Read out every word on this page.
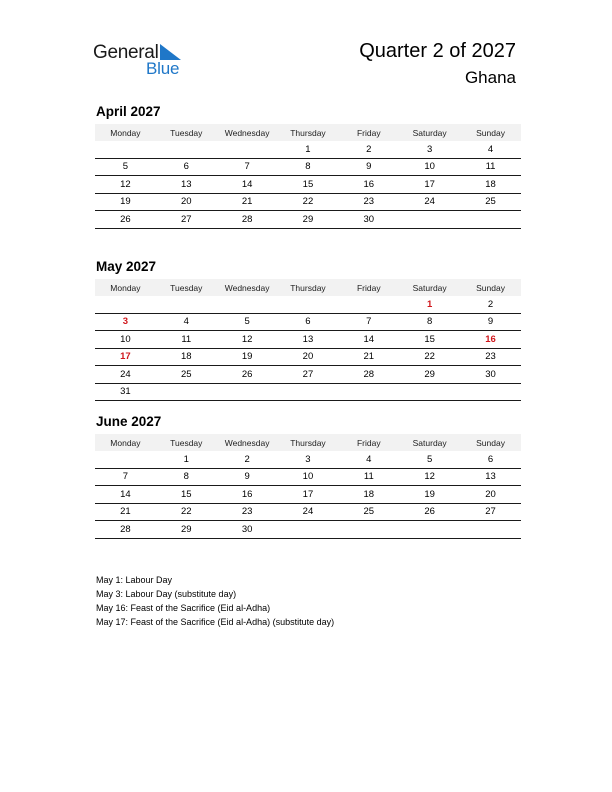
General
Blue
Quarter 2 of 2027
Ghana
April 2027
Monday	Tuesday	Wednesday	Thursday	Friday	Saturday	Sunday
			1	2	3	4
5	6	7	8	9	10	11
12	13	14	15	16	17	18
19	20	21	22	23	24	25
26	27	28	29	30		
May 2027
Monday	Tuesday	Wednesday	Thursday	Friday	Saturday	Sunday
					1	2
3	4	5	6	7	8	9
10	11	12	13	14	15	16
17	18	19	20	21	22	23
24	25	26	27	28	29	30
31						
June 2027
Monday	Tuesday	Wednesday	Thursday	Friday	Saturday	Sunday
	1	2	3	4	5	6
7	8	9	10	11	12	13
14	15	16	17	18	19	20
21	22	23	24	25	26	27
28	29	30				
May 1: Labour Day
May 3: Labour Day (substitute day)
May 16: Feast of the Sacrifice (Eid al-Adha)
May 17: Feast of the Sacrifice (Eid al-Adha) (substitute day)
